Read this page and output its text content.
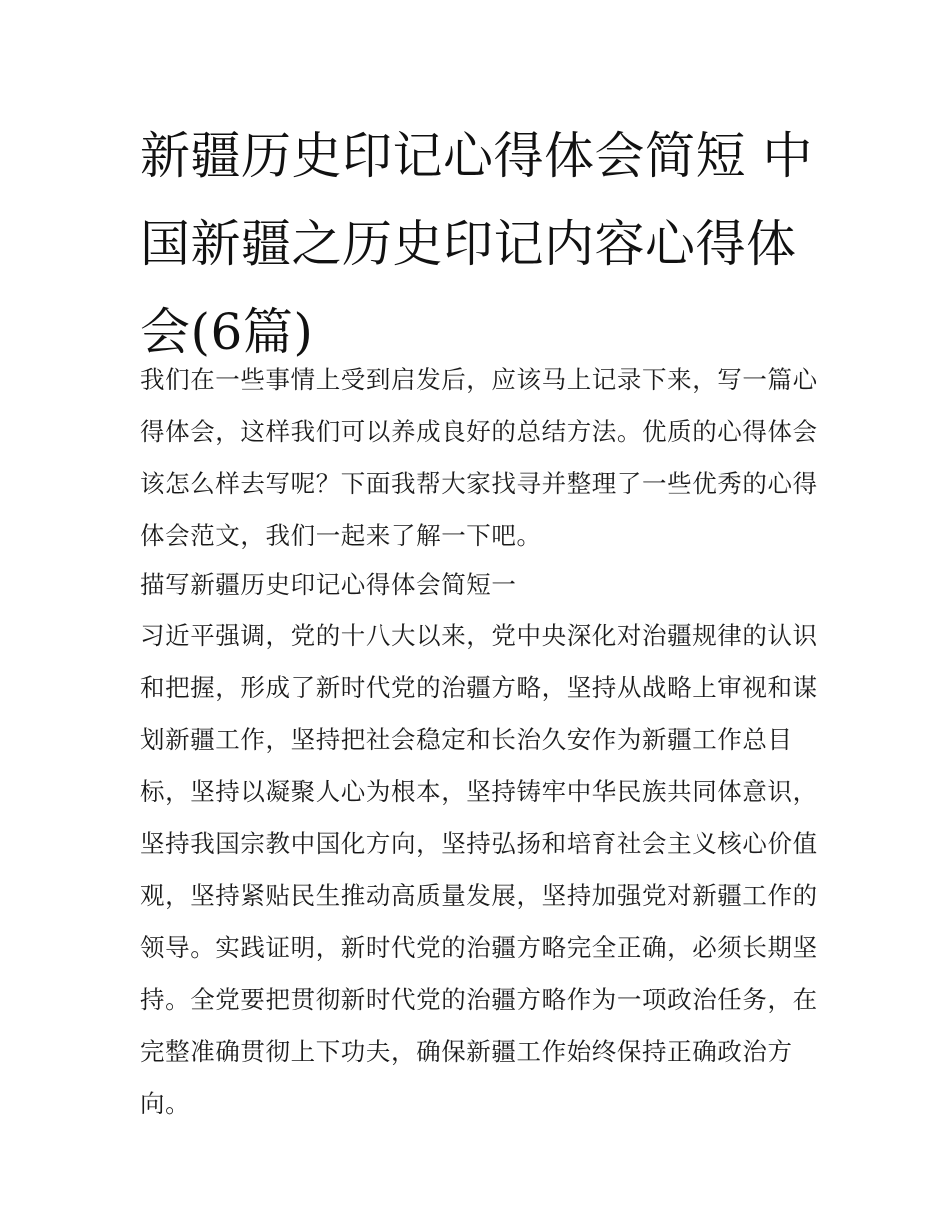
新疆历史印记心得体会简短 中国新疆之历史印记内容心得体会(6篇)

我们在一些事情上受到启发后，应该马上记录下来，写一篇心得体会，这样我们可以养成良好的总结方法。优质的心得体会该怎么样去写呢？下面我帮大家找寻并整理了一些优秀的心得体会范文，我们一起来了解一下吧。

描写新疆历史印记心得体会简短一

习近平强调，党的十八大以来，党中央深化对治疆规律的认识和把握，形成了新时代党的治疆方略，坚持从战略上审视和谋划新疆工作，坚持把社会稳定和长治久安作为新疆工作总目标，坚持以凝聚人心为根本，坚持铸牢中华民族共同体意识，坚持我国宗教中国化方向，坚持弘扬和培育社会主义核心价值观，坚持紧贴民生推动高质量发展，坚持加强党对新疆工作的领导。实践证明，新时代党的治疆方略完全正确，必须长期坚持。全党要把贯彻新时代党的治疆方略作为一项政治任务，在完整准确贯彻上下功夫，确保新疆工作始终保持正确政治方向。
